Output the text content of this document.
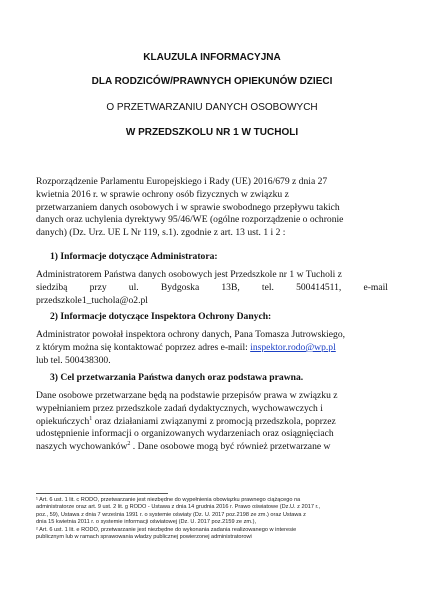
KLAUZULA INFORMACYJNA
DLA RODZICÓW/PRAWNYCH OPIEKUNÓW DZIECI
O PRZETWARZANIU DANYCH OSOBOWYCH
W PRZEDSZKOLU NR 1 W TUCHOLI
Rozporządzenie Parlamentu Europejskiego i Rady (UE) 2016/679 z dnia 27
kwietnia 2016 r. w sprawie ochrony osób fizycznych w związku z
przetwarzaniem danych osobowych i w sprawie swobodnego przepływu takich
danych oraz uchylenia dyrektywy 95/46/WE (ogólne rozporządzenie o ochronie
danych) (Dz. Urz. UE L Nr 119, s.1). zgodnie z art. 13 ust. 1 i 2 :
1) Informacje dotyczące Administratora:
Administratorem Państwa danych osobowych jest Przedszkole nr 1 w Tucholi z
siedzibą przy ul. Bydgoska 13B, tel. 500414511, e-mail
przedszkole1_tuchola@o2.pl
2) Informacje dotyczące Inspektora Ochrony Danych:
Administrator powołał inspektora ochrony danych, Pana Tomasza Jutrowskiego,
z którym można się kontaktować poprzez adres e-mail: inspektor.rodo@wp.pl
lub tel. 500438300.
3) Cel przetwarzania Państwa danych oraz podstawa prawna.
Dane osobowe przetwarzane będą na podstawie przepisów prawa w związku z
wypełnianiem przez przedszkole zadań dydaktycznych, wychowawczych i
opiekuńczych$^1$ oraz działaniami związanymi z promocją przedszkola, poprzez
udostępnienie informacji o organizowanych wydarzeniach oraz osiągnięciach
naszych wychowanków$^2$ . Dane osobowe mogą być również przetwarzane w
¹ Art. 6 ust. 1 lit. c RODO, przetwarzanie jest niezbędne do wypełnienia obowiązku prawnego ciążącego na
administratorze oraz art. 9 ust. 2 lit. g RODO - Ustawa z dnia 14 grudnia 2016 r. Prawo oświatowe (Dz.U. z 2017 r.,
poz., 59), Ustawa z dnia 7 września 1991 r. o systemie oświaty (Dz. U. 2017 poz.2198 ze zm.) oraz Ustawa z
dnia 15 kwietnia 2011 r. o systemie informacji oświatowej (Dz. U. 2017 poz.2159 ze zm.),
² Art. 6 ust. 1 lit. e RODO, przetwarzanie jest niezbędne do wykonania zadania realizowanego w interesie
publicznym lub w ramach sprawowania władzy publicznej powierzonej administratorowi
